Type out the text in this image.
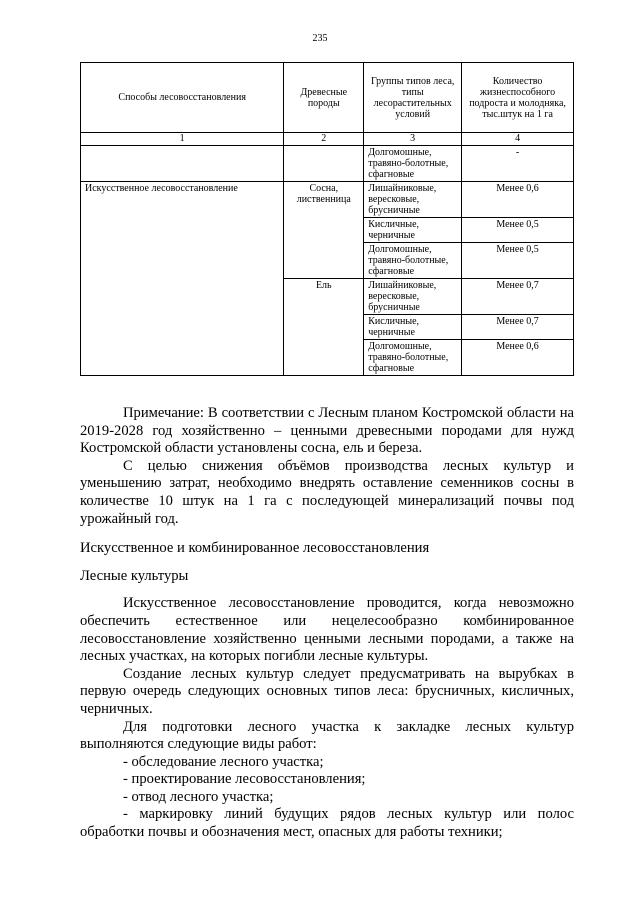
235
Способы лесовосстановления	Древесные породы	Группы типов леса, типы лесорастительных условий	Количество жизнеспособного подроста и молодняка, тыс.штук на 1 га
1	2	3	4
		Долгомошные, травяно-болотные, сфагновые	-
Искусственное лесовосстановление	Сосна, лиственница	Лишайниковые, вересковые, брусничные	Менее 0,6
		Кисличные, черничные	Менее 0,5
		Долгомошные, травяно-болотные, сфагновые	Менее 0,5
	Ель	Лишайниковые, вересковые, брусничные	Менее 0,7
		Кисличные, черничные	Менее 0,7
		Долгомошные, травяно-болотные, сфагновые	Менее 0,6

Примечание: В соответствии с Лесным планом Костромской области на 2019-2028 год хозяйственно – ценными древесными породами для нужд Костромской области установлены сосна, ель и береза.

С целью снижения объёмов производства лесных культур и уменьшению затрат, необходимо внедрять оставление семенников сосны в количестве 10 штук на 1 га с последующей минерализаций почвы под урожайный год.

Искусственное и комбинированное лесовосстановления

Лесные культуры

Искусственное лесовосстановление проводится, когда невозможно обеспечить естественное или нецелесообразно комбинированное лесовосстановление хозяйственно ценными лесными породами, а также на лесных участках, на которых погибли лесные культуры.

Создание лесных культур следует предусматривать на вырубках в первую очередь следующих основных типов леса: брусничных, кисличных, черничных.

Для подготовки лесного участка к закладке лесных культур выполняются следующие виды работ:

- обследование лесного участка;

- проектирование лесовосстановления;

- отвод лесного участка;

- маркировку линий будущих рядов лесных культур или полос обработки почвы и обозначения мест, опасных для работы техники;
